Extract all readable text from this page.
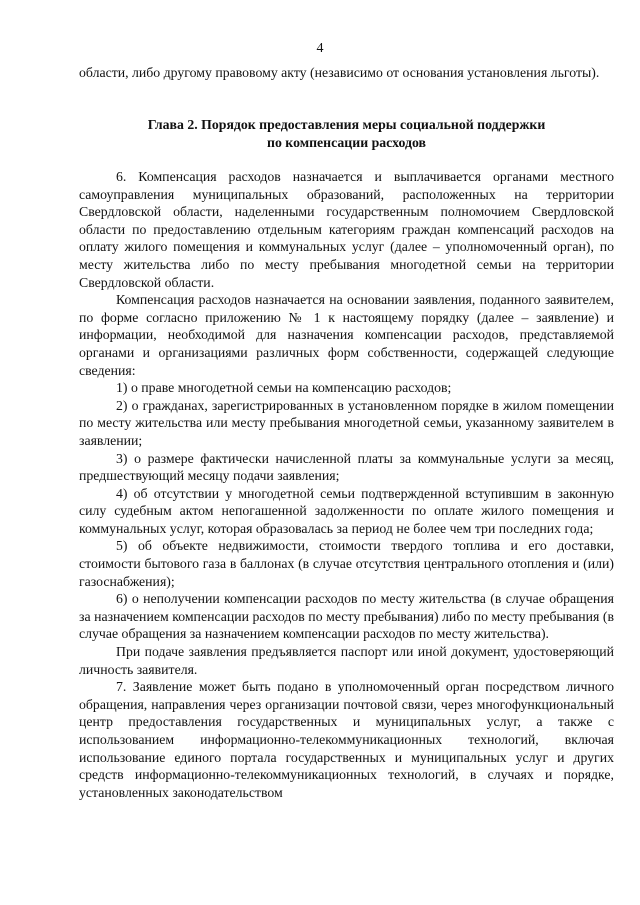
4

области, либо другому правовому акту (независимо от основания установления льготы).

Глава 2. Порядок предоставления меры социальной поддержки

по компенсации расходов

6. Компенсация расходов назначается и выплачивается органами местного самоуправления муниципальных образований, расположенных на территории Свердловской области, наделенными государственным полномочием Свердловской области по предоставлению отдельным категориям граждан компенсаций расходов на оплату жилого помещения и коммунальных услуг (далее – уполномоченный орган), по месту жительства либо по месту пребывания многодетной семьи на территории Свердловской области.

Компенсация расходов назначается на основании заявления, поданного заявителем, по форме согласно приложению № 1 к настоящему порядку (далее – заявление) и информации, необходимой для назначения компенсации расходов, представляемой органами и организациями различных форм собственности, содержащей следующие сведения:

1) о праве многодетной семьи на компенсацию расходов;

2) о гражданах, зарегистрированных в установленном порядке в жилом помещении по месту жительства или месту пребывания многодетной семьи, указанному заявителем в заявлении;

3) о размере фактически начисленной платы за коммунальные услуги за месяц, предшествующий месяцу подачи заявления;

4) об отсутствии у многодетной семьи подтвержденной вступившим в законную силу судебным актом непогашенной задолженности по оплате жилого помещения и коммунальных услуг, которая образовалась за период не более чем три последних года;

5) об объекте недвижимости, стоимости твердого топлива и его доставки, стоимости бытового газа в баллонах (в случае отсутствия центрального отопления и (или) газоснабжения);

6) о неполучении компенсации расходов по месту жительства (в случае обращения за назначением компенсации расходов по месту пребывания) либо по месту пребывания (в случае обращения за назначением компенсации расходов по месту жительства).

При подаче заявления предъявляется паспорт или иной документ, удостоверяющий личность заявителя.

7. Заявление может быть подано в уполномоченный орган посредством личного обращения, направления через организации почтовой связи, через многофункциональный центр предоставления государственных и муниципальных услуг, а также с использованием информационно-телекоммуникационных технологий, включая использование единого портала государственных и муниципальных услуг и других средств информационно-телекоммуникационных технологий, в случаях и порядке, установленных законодательством
